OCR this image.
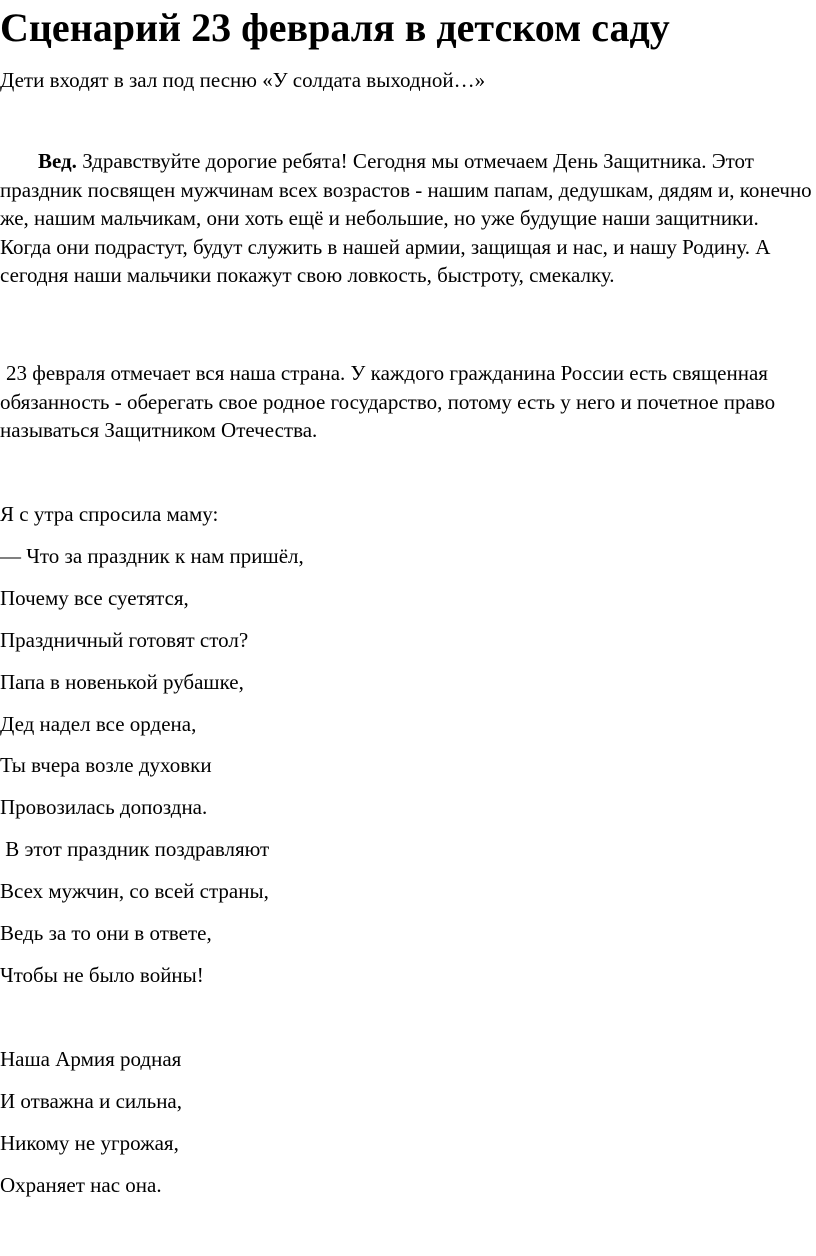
Сценарий 23 февраля в детском саду

Дети входят в зал под песню «У солдата выходной…»

Вед. Здравствуйте дорогие ребята! Сегодня мы отмечаем День Защитника. Этот праздник посвящен мужчинам всех возрастов - нашим папам, дедушкам, дядям и, конечно же, нашим мальчикам, они хоть ещё и небольшие, но уже будущие наши защитники. Когда они подрастут, будут служить в нашей армии, защищая и нас, и нашу Родину. А сегодня наши мальчики покажут свою ловкость, быстроту, смекалку.

23 февраля отмечает вся наша страна. У каждого гражданина России есть священная обязанность - оберегать свое родное государство, потому есть у него и почетное право называться Защитником Отечества.

Я с утра спросила маму:

— Что за праздник к нам пришёл,

Почему все суетятся,

Праздничный готовят стол?

Папа в новенькой рубашке,

Дед надел все ордена,

Ты вчера возле духовки

Провозилась допоздна.

В этот праздник поздравляют

Всех мужчин, со всей страны,

Ведь за то они в ответе,

Чтобы не было войны!

Наша Армия родная

И отважна и сильна,

Никому не угрожая,

Охраняет нас она.
